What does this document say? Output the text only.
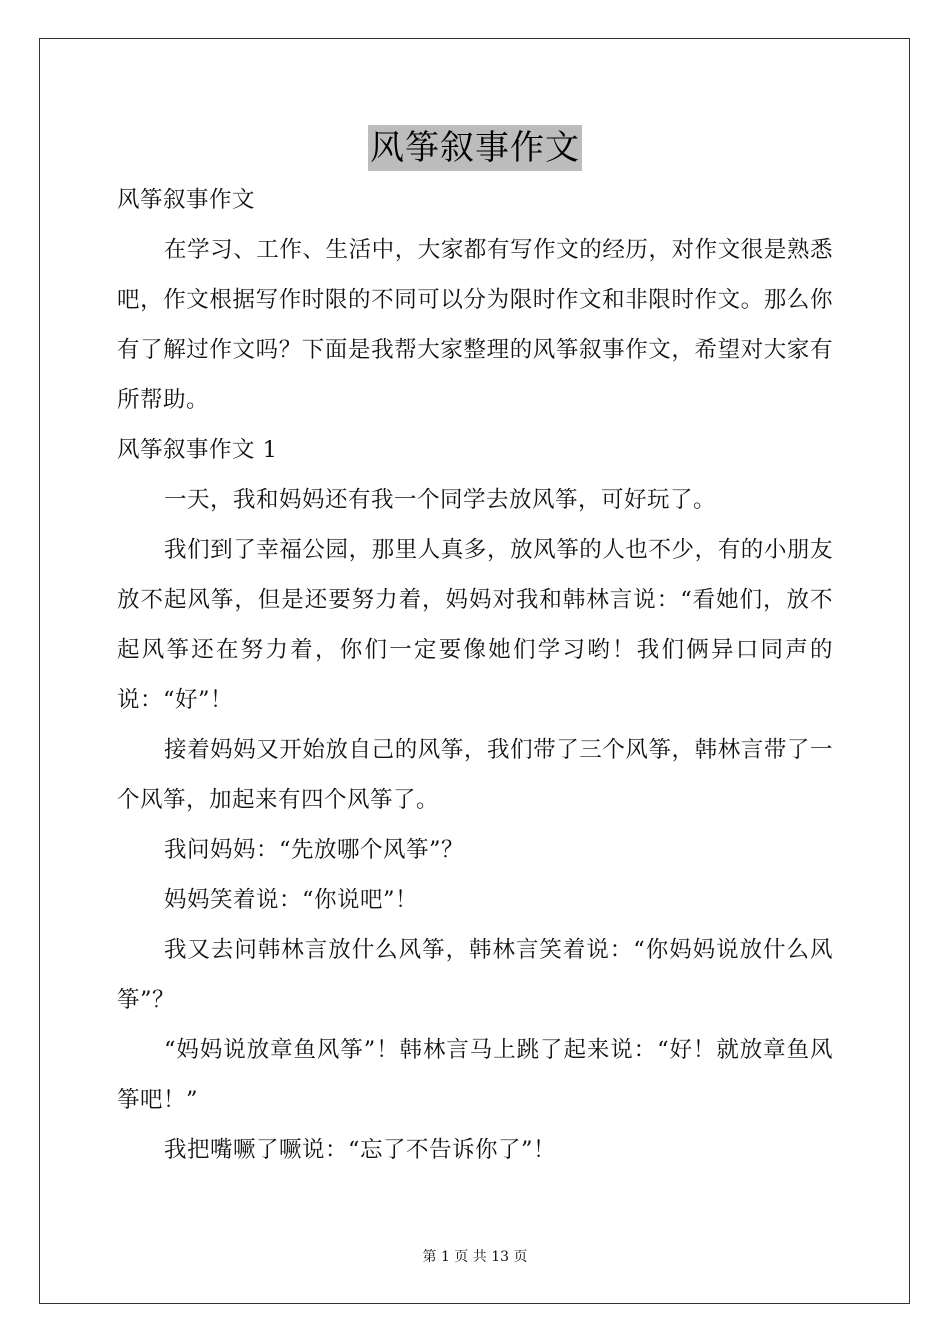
风筝叙事作文

风筝叙事作文

在学习、工作、生活中，大家都有写作文的经历，对作文很是熟悉吧，作文根据写作时限的不同可以分为限时作文和非限时作文。那么你有了解过作文吗？下面是我帮大家整理的风筝叙事作文，希望对大家有所帮助。

风筝叙事作文 1

一天，我和妈妈还有我一个同学去放风筝，可好玩了。

我们到了幸福公园，那里人真多，放风筝的人也不少，有的小朋友放不起风筝，但是还要努力着，妈妈对我和韩林言说：“看她们，放不起风筝还在努力着，你们一定要像她们学习哟！我们俩异口同声的说：“好”！

接着妈妈又开始放自己的风筝，我们带了三个风筝，韩林言带了一个风筝，加起来有四个风筝了。

我问妈妈：“先放哪个风筝”？

妈妈笑着说：“你说吧”！

我又去问韩林言放什么风筝，韩林言笑着说：“你妈妈说放什么风筝”？

“妈妈说放章鱼风筝”！韩林言马上跳了起来说：“好！就放章鱼风筝吧！”

我把嘴噘了噘说：“忘了不告诉你了”！

第 1 页 共 13 页
